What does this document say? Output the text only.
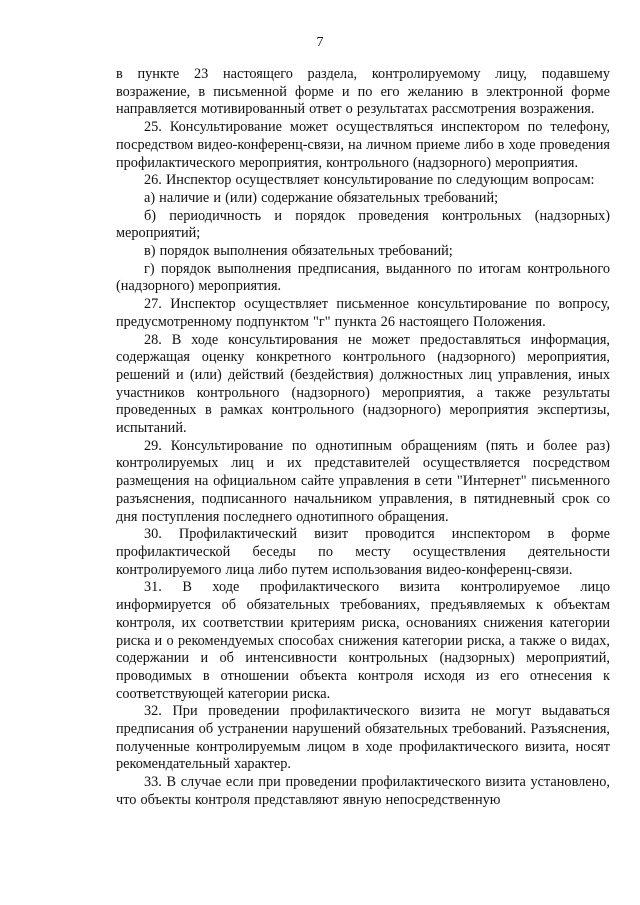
7

в пункте 23 настоящего раздела, контролируемому лицу, подавшему возражение, в письменной форме и по его желанию в электронной форме направляется мотивированный ответ о результатах рассмотрения возражения.

25. Консультирование может осуществляться инспектором по телефону, посредством видео-конференц-связи, на личном приеме либо в ходе проведения профилактического мероприятия, контрольного (надзорного) мероприятия.

26. Инспектор осуществляет консультирование по следующим вопросам:

а) наличие и (или) содержание обязательных требований;

б) периодичность и порядок проведения контрольных (надзорных) мероприятий;

в) порядок выполнения обязательных требований;

г) порядок выполнения предписания, выданного по итогам контрольного (надзорного) мероприятия.

27. Инспектор осуществляет письменное консультирование по вопросу, предусмотренному подпунктом "г" пункта 26 настоящего Положения.

28. В ходе консультирования не может предоставляться информация, содержащая оценку конкретного контрольного (надзорного) мероприятия, решений и (или) действий (бездействия) должностных лиц управления, иных участников контрольного (надзорного) мероприятия, а также результаты проведенных в рамках контрольного (надзорного) мероприятия экспертизы, испытаний.

29. Консультирование по однотипным обращениям (пять и более раз) контролируемых лиц и их представителей осуществляется посредством размещения на официальном сайте управления в сети "Интернет" письменного разъяснения, подписанного начальником управления, в пятидневный срок со дня поступления последнего однотипного обращения.

30. Профилактический визит проводится инспектором в форме профилактической беседы по месту осуществления деятельности контролируемого лица либо путем использования видео-конференц-связи.

31. В ходе профилактического визита контролируемое лицо информируется об обязательных требованиях, предъявляемых к объектам контроля, их соответствии критериям риска, основаниях снижения категории риска и о рекомендуемых способах снижения категории риска, а также о видах, содержании и об интенсивности контрольных (надзорных) мероприятий, проводимых в отношении объекта контроля исходя из его отнесения к соответствующей категории риска.

32. При проведении профилактического визита не могут выдаваться предписания об устранении нарушений обязательных требований. Разъяснения, полученные контролируемым лицом в ходе профилактического визита, носят рекомендательный характер.

33. В случае если при проведении профилактического визита установлено, что объекты контроля представляют явную непосредственную
